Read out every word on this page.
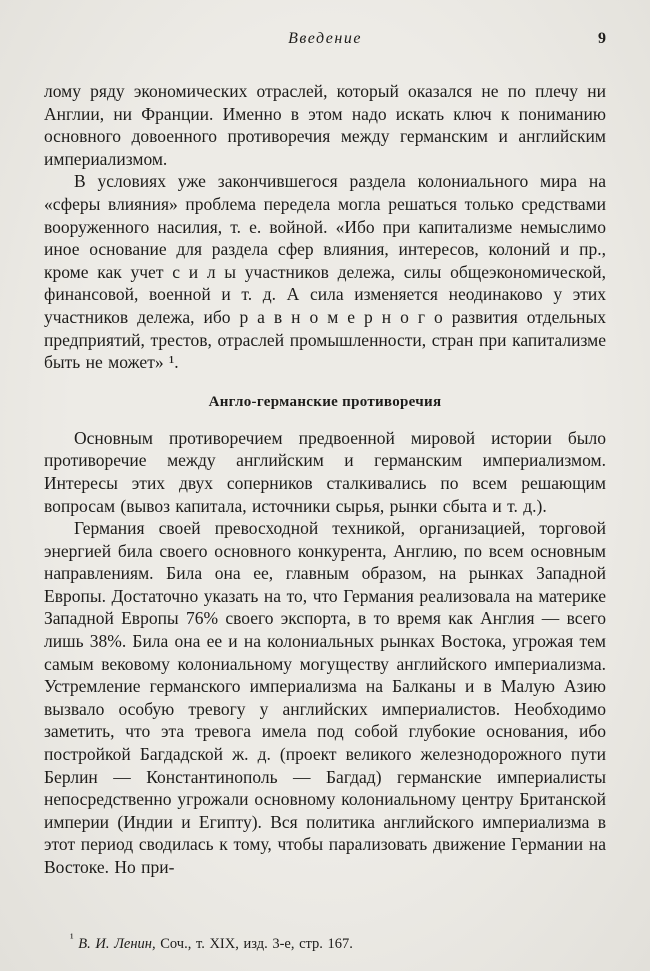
Введение	9

лому ряду экономических отраслей, который оказался не по плечу ни Англии, ни Франции. Именно в этом надо искать ключ к пониманию основного довоенного противоречия между германским и английским империализмом.

В условиях уже закончившегося раздела колониального мира на «сферы влияния» проблема передела могла решаться только средствами вооруженного насилия, т. е. войной. «Ибо при капитализме немыслимо иное основание для раздела сфер влияния, интересов, колоний и пр., кроме как учет с и л ы участников дележа, силы общеэкономической, финансовой, военной и т. д. А сила изменяется неодинаково у этих участников дележа, ибо р а в н о м е р н о г о развития отдельных предприятий, трестов, отраслей промышленности, стран при капитализме быть не может» ¹.

Англо-германские противоречия

Основным противоречием предвоенной мировой истории было противоречие между английским и германским империализмом. Интересы этих двух соперников сталкивались по всем решающим вопросам (вывоз капитала, источники сырья, рынки сбыта и т. д.).

Германия своей превосходной техникой, организацией, торговой энергией била своего основного конкурента, Англию, по всем основным направлениям. Била она ее, главным образом, на рынках Западной Европы. Достаточно указать на то, что Германия реализовала на материке Западной Европы 76% своего экспорта, в то время как Англия — всего лишь 38%. Била она ее и на колониальных рынках Востока, угрожая тем самым вековому колониальному могуществу английского империализма. Устремление германского империализма на Балканы и в Малую Азию вызвало особую тревогу у английских империалистов. Необходимо заметить, что эта тревога имела под собой глубокие основания, ибо постройкой Багдадской ж. д. (проект великого железнодорожного пути Берлин — Константинополь — Багдад) германские империалисты непосредственно угрожали основному колониальному центру Британской империи (Индии и Египту). Вся политика английского империализма в этот период сводилась к тому, чтобы парализовать движение Германии на Востоке. Но при-

$^{^1}$ В. И. Ленин, Соч., т. XIX, изд. 3-е, стр. 167.
